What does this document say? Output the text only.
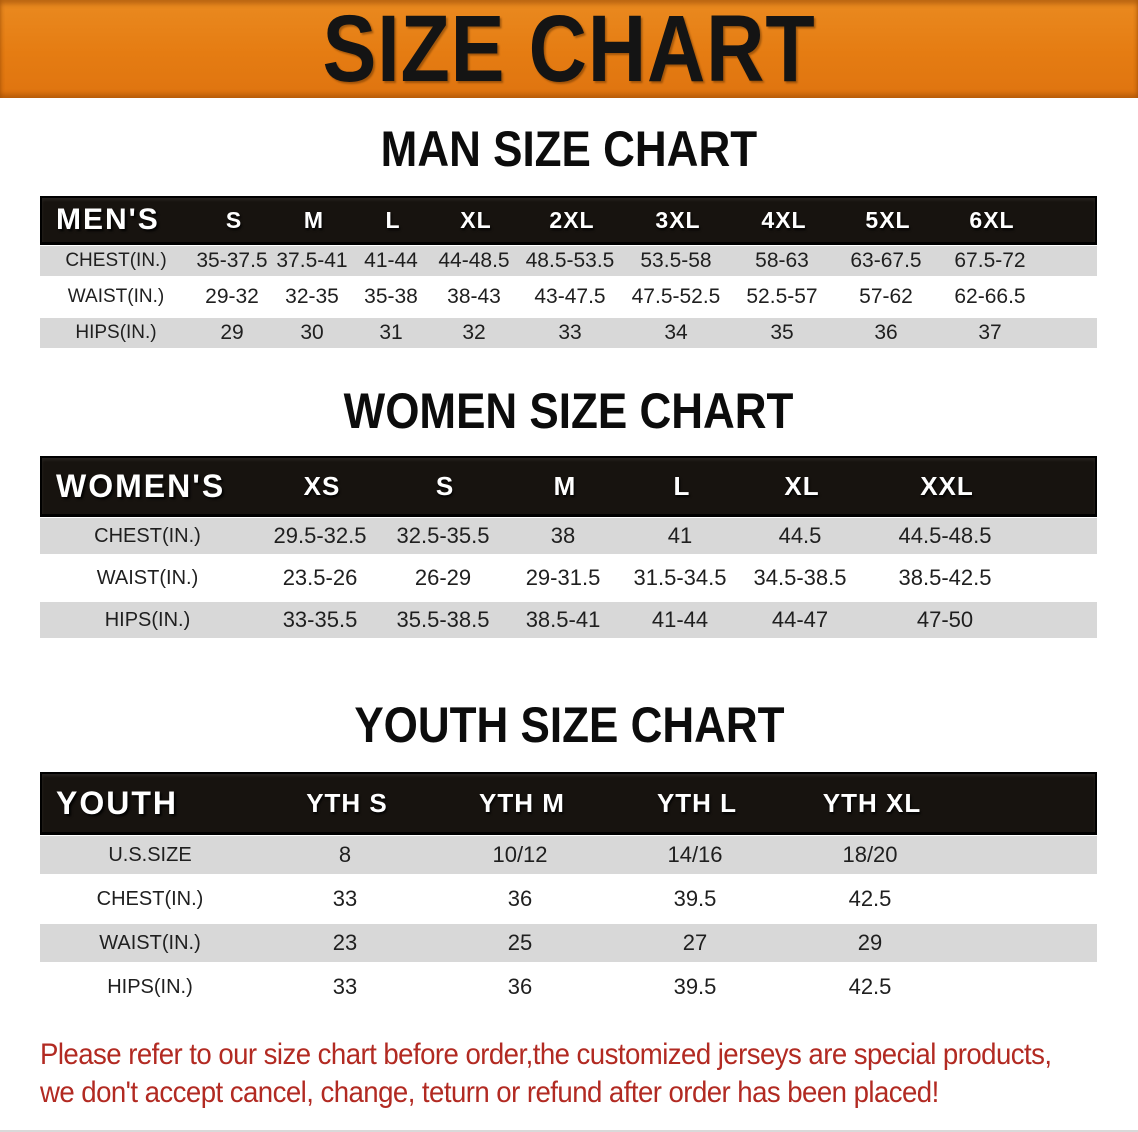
SIZE CHART
MAN SIZE CHART
MEN'S	S	M	L	XL	2XL	3XL	4XL	5XL	6XL
CHEST(IN.)	35-37.5 37.5-41 41-44 44-48.5 48.5-53.5	53.5-58	58-63	63-67.5	67.5-72
WAIST(IN.)	29-32	32-35	35-38	38-43	43-47.5	47.5-52.5	52.5-57	57-62	62-66.5
HIPS(IN.)	29	30	31	32	33	34	35	36	37
WOMEN SIZE CHART
WOMEN'S	XS	S	M	L	XL	XXL
CHEST(IN.)	29.5-32.5	32.5-35.5	38	41	44.5	44.5-48.5
WAIST(IN.)	23.5-26	26-29	29-31.5	31.5-34.5	34.5-38.5	38.5-42.5
HIPS(IN.)	33-35.5	35.5-38.5	38.5-41	41-44	44-47	47-50
YOUTH SIZE CHART
YOUTH	YTH S	YTH M	YTH L	YTH XL
U.S.SIZE	8	10/12	14/16	18/20
CHEST(IN.)	33	36	39.5	42.5
WAIST(IN.)	23	25	27	29
HIPS(IN.)	33	36	39.5	42.5
Please refer to our size chart before order,the customized jerseys are special products,
we don't accept cancel, change, teturn or refund after order has been placed!
